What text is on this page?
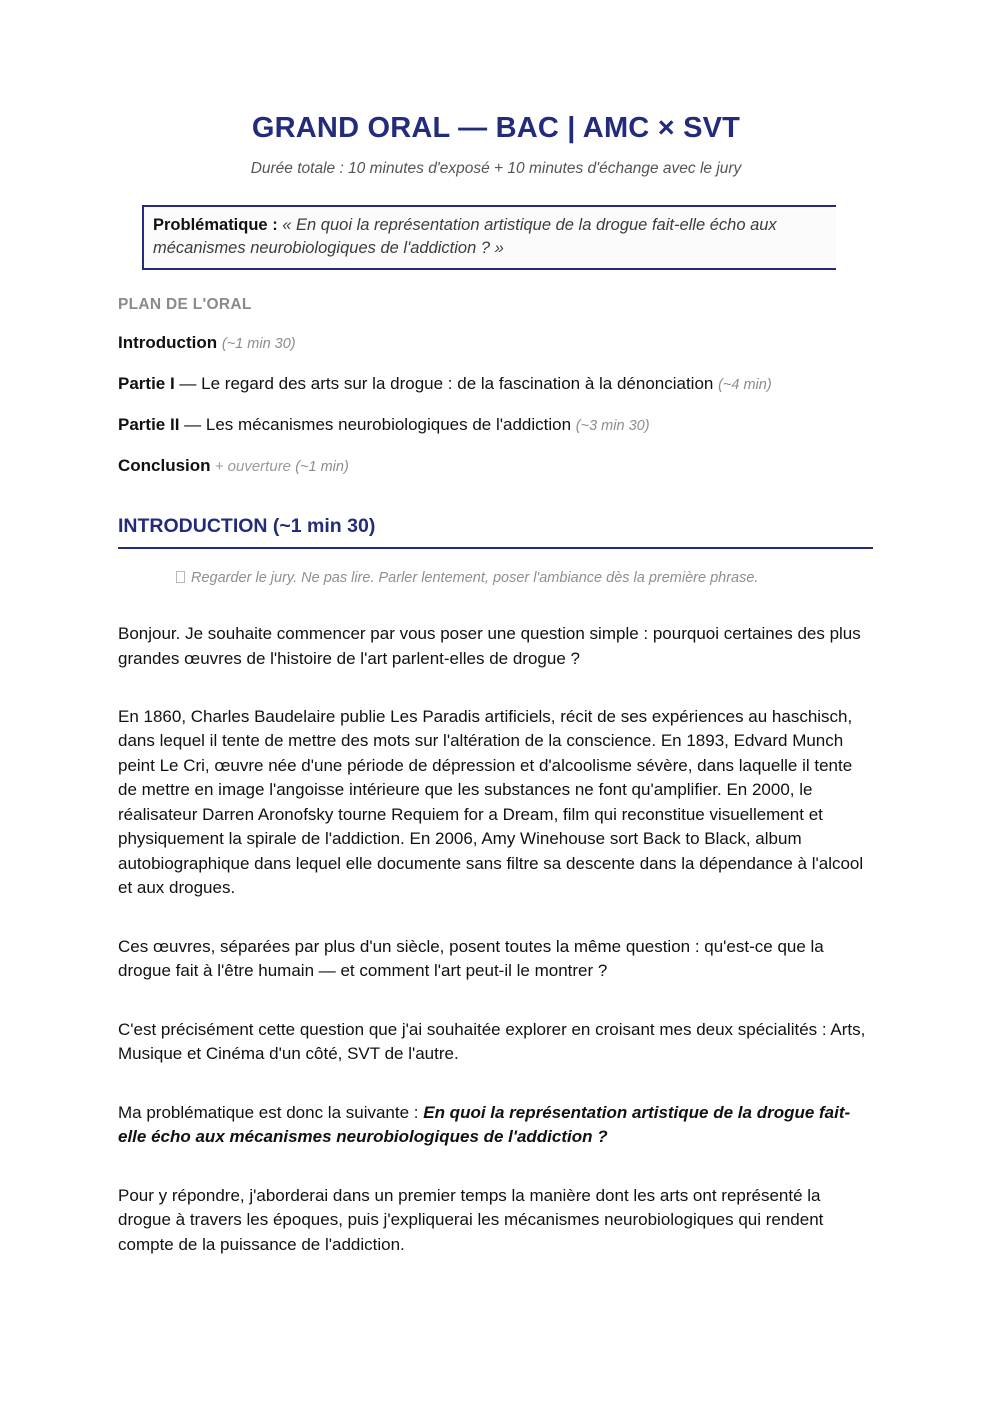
GRAND ORAL — BAC | AMC × SVT

Durée totale : 10 minutes d'exposé + 10 minutes d'échange avec le jury

Problématique : « En quoi la représentation artistique de la drogue fait-elle écho aux mécanismes neurobiologiques de l'addiction ? »

PLAN DE L'ORAL

Introduction (~1 min 30)

Partie I — Le regard des arts sur la drogue : de la fascination à la dénonciation (~4 min)

Partie II — Les mécanismes neurobiologiques de l'addiction (~3 min 30)

Conclusion + ouverture (~1 min)

INTRODUCTION (~1 min 30)

Regarder le jury. Ne pas lire. Parler lentement, poser l'ambiance dès la première phrase.

Bonjour. Je souhaite commencer par vous poser une question simple : pourquoi certaines des plus grandes œuvres de l'histoire de l'art parlent-elles de drogue ?

En 1860, Charles Baudelaire publie Les Paradis artificiels, récit de ses expériences au haschisch, dans lequel il tente de mettre des mots sur l'altération de la conscience. En 1893, Edvard Munch peint Le Cri, œuvre née d'une période de dépression et d'alcoolisme sévère, dans laquelle il tente de mettre en image l'angoisse intérieure que les substances ne font qu'amplifier. En 2000, le réalisateur Darren Aronofsky tourne Requiem for a Dream, film qui reconstitue visuellement et physiquement la spirale de l'addiction. En 2006, Amy Winehouse sort Back to Black, album autobiographique dans lequel elle documente sans filtre sa descente dans la dépendance à l'alcool et aux drogues.

Ces œuvres, séparées par plus d'un siècle, posent toutes la même question : qu'est-ce que la drogue fait à l'être humain — et comment l'art peut-il le montrer ?

C'est précisément cette question que j'ai souhaitée explorer en croisant mes deux spécialités : Arts, Musique et Cinéma d'un côté, SVT de l'autre.

Ma problématique est donc la suivante : En quoi la représentation artistique de la drogue fait-elle écho aux mécanismes neurobiologiques de l'addiction ?

Pour y répondre, j'aborderai dans un premier temps la manière dont les arts ont représenté la drogue à travers les époques, puis j'expliquerai les mécanismes neurobiologiques qui rendent compte de la puissance de l'addiction.
